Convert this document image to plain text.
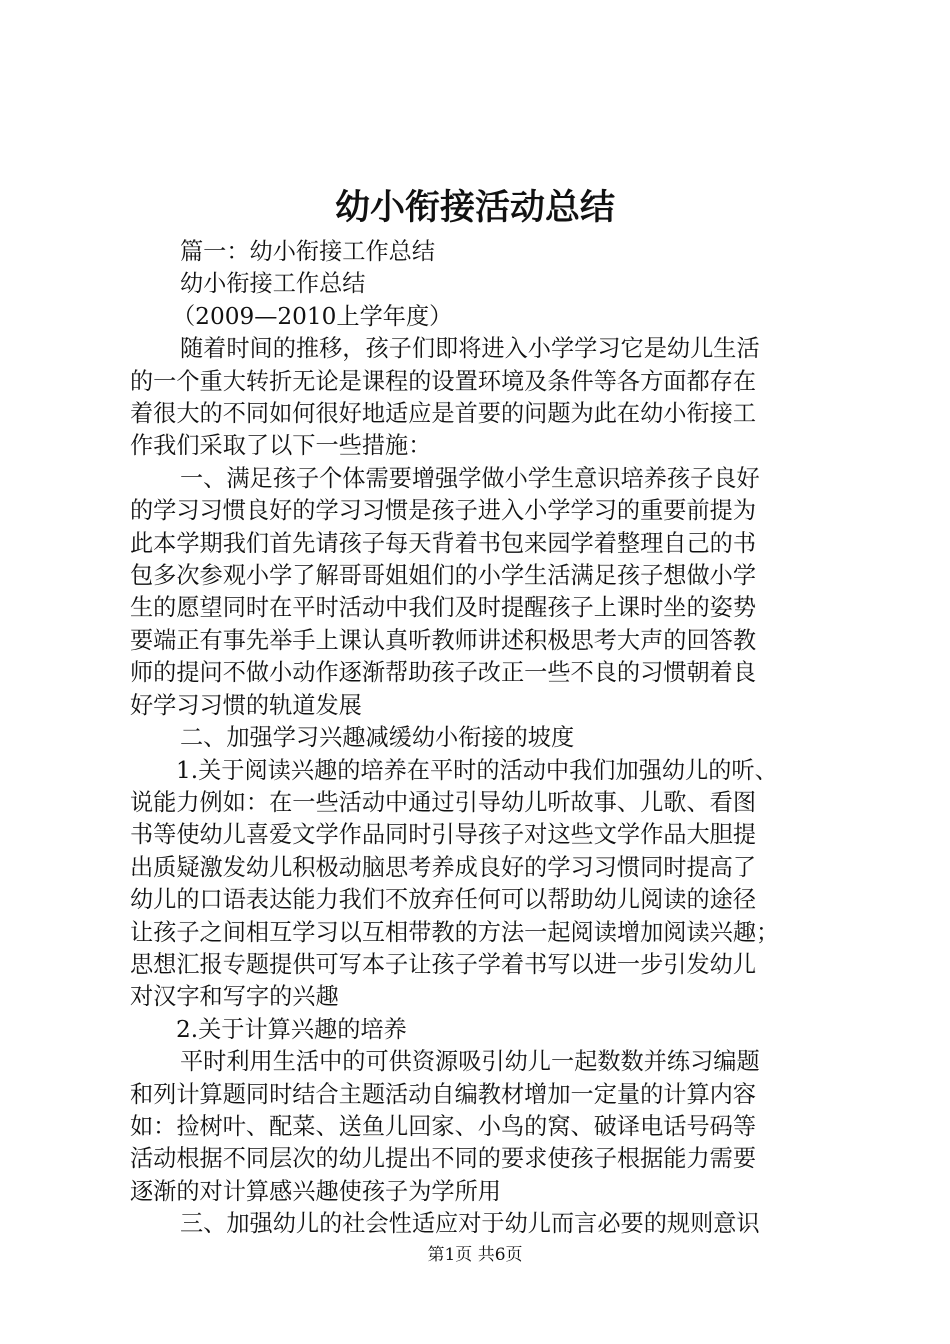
幼小衔接活动总结

篇一：幼小衔接工作总结

幼小衔接工作总结

（2009—2010上学年度）

随着时间的推移，孩子们即将进入小学学习它是幼儿生活

的一个重大转折无论是课程的设置环境及条件等各方面都存在

着很大的不同如何很好地适应是首要的问题为此在幼小衔接工

作我们采取了以下一些措施：

一、满足孩子个体需要增强学做小学生意识培养孩子良好

的学习习惯良好的学习习惯是孩子进入小学学习的重要前提为

此本学期我们首先请孩子每天背着书包来园学着整理自己的书

包多次参观小学了解哥哥姐姐们的小学生活满足孩子想做小学

生的愿望同时在平时活动中我们及时提醒孩子上课时坐的姿势

要端正有事先举手上课认真听教师讲述积极思考大声的回答教

师的提问不做小动作逐渐帮助孩子改正一些不良的习惯朝着良

好学习习惯的轨道发展

二、加强学习兴趣减缓幼小衔接的坡度

1.关于阅读兴趣的培养在平时的活动中我们加强幼儿的听、

说能力例如：在一些活动中通过引导幼儿听故事、儿歌、看图

书等使幼儿喜爱文学作品同时引导孩子对这些文学作品大胆提

出质疑激发幼儿积极动脑思考养成良好的学习习惯同时提高了

幼儿的口语表达能力我们不放弃任何可以帮助幼儿阅读的途径

让孩子之间相互学习以互相带教的方法一起阅读增加阅读兴趣；

思想汇报专题提供可写本子让孩子学着书写以进一步引发幼儿

对汉字和写字的兴趣

2.关于计算兴趣的培养

平时利用生活中的可供资源吸引幼儿一起数数并练习编题

和列计算题同时结合主题活动自编教材增加一定量的计算内容

如：捡树叶、配菜、送鱼儿回家、小鸟的窝、破译电话号码等

活动根据不同层次的幼儿提出不同的要求使孩子根据能力需要

逐渐的对计算感兴趣使孩子为学所用

三、加强幼儿的社会性适应对于幼儿而言必要的规则意识

第1页 共6页
